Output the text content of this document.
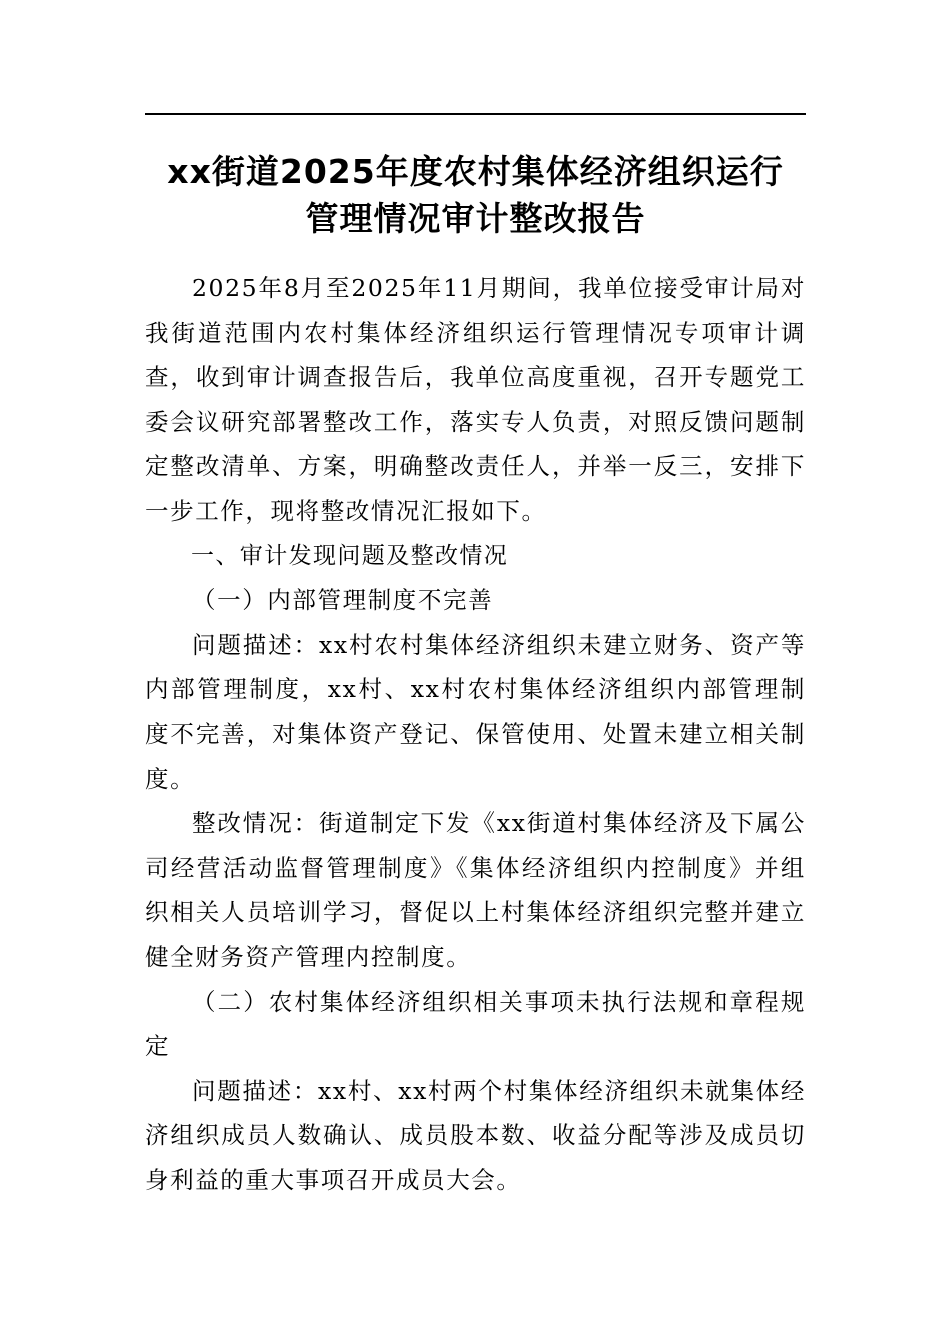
xx街道2025年度农村集体经济组织运行
管理情况审计整改报告

2025年8月至2025年11月期间，我单位接受审计局对我街道范围内农村集体经济组织运行管理情况专项审计调查，收到审计调查报告后，我单位高度重视，召开专题党工委会议研究部署整改工作，落实专人负责，对照反馈问题制定整改清单、方案，明确整改责任人，并举一反三，安排下一步工作，现将整改情况汇报如下。

一、审计发现问题及整改情况

（一）内部管理制度不完善

问题描述：xx村农村集体经济组织未建立财务、资产等内部管理制度，xx村、xx村农村集体经济组织内部管理制度不完善，对集体资产登记、保管使用、处置未建立相关制度。

整改情况：街道制定下发《xx街道村集体经济及下属公司经营活动监督管理制度》《集体经济组织内控制度》并组织相关人员培训学习，督促以上村集体经济组织完整并建立健全财务资产管理内控制度。

（二）农村集体经济组织相关事项未执行法规和章程规定

问题描述：xx村、xx村两个村集体经济组织未就集体经济组织成员人数确认、成员股本数、收益分配等涉及成员切身利益的重大事项召开成员大会。
